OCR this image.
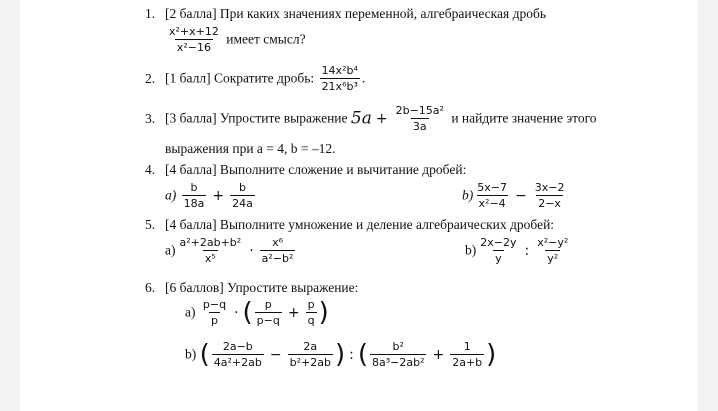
1. [2 балла] При каких значениях переменной, алгебраическая дробь
$\frac{\text{x²+x+12}}{\text{x²−16}}$ имеет смысл?
2. [1 балл] Сократите дробь: $\frac{\text{14x²b⁴}}{\text{21x⁶b³}}$ .
3. [3 балла] Упростите выражение $5a + \frac{\text{2b−15a²}}{3a}$ и найдите значение этого
выражения при a = 4, b = –12.
4. [4 балла] Выполните сложение и вычитание дробей:
$a) \frac{b}{18a} + \frac{b}{24a}$	$b) \frac{5x-7}{\text{x²−4}} - \frac{3x-2}{2-x}$
5. [4 балла] Выполните умножение и деление алгебраических дробей:
$a) \frac{\text{a²+2ab+b²}}{\text{x⁵}} \cdot \frac{\text{x⁶}}{\text{a²−b²}}$	$b) \frac{2x-2y}{y}$ : $\frac{\text{x²−y²}}{\text{y²}}$
6. [6 баллов] Упростите выражение:
$a) \frac{p-q}{p}$ · ( $\frac{p}{p-q} + \frac{p}{q}$ )
b) ( $\frac{2a-b}{\text{4a²+2ab}} - \frac{2a}{\text{b²+2ab}}$ ) : ( $\frac{\text{b²}}{\text{8a³−2ab²}} + \frac{1}{2a+b}$ )
